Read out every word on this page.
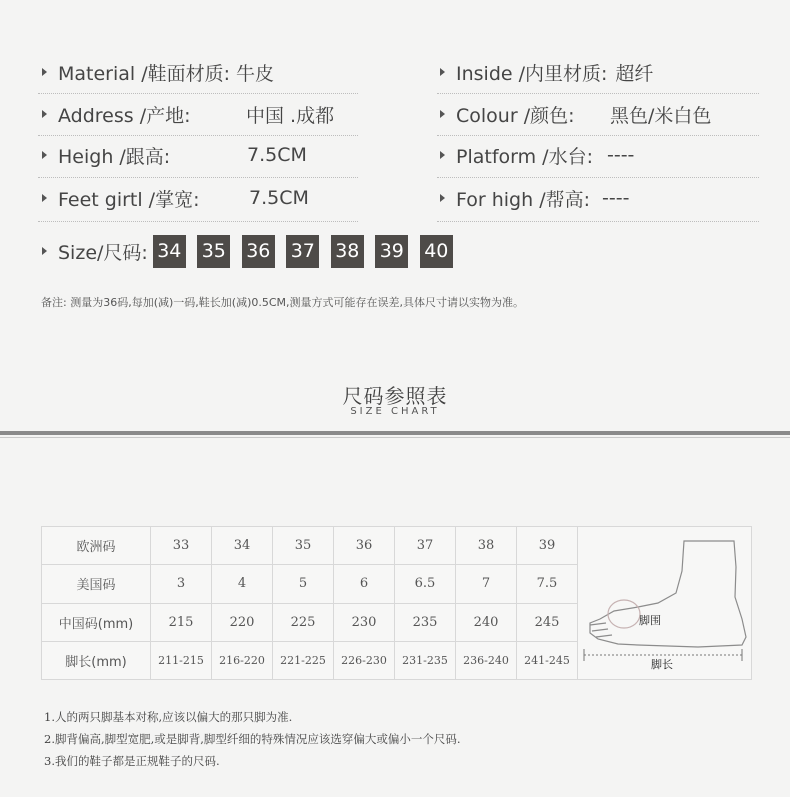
Material /鞋面材质: 牛皮
Address /产地:	中国 .成都
Heigh /跟高:	7.5CM
Feet girtl /掌宽:	7.5CM
Inside /内里材质: 超纤
Colour /颜色: 黑色/米白色
Platform /水台: ----
For high /帮高: ----
Size/尺码: 34 35 36 37 38 39 40
备注: 测量为36码,每加(减)一码,鞋长加(减)0.5CM,测量方式可能存在误差,具体尺寸请以实物为准。
尺码参照表
SIZE CHART
欧洲码	33	34	35	36	37	38	39	脚围
脚长

美国码	3	4	5	6	6.5	7	7.5	
中国码(mm)	215	220	225	230	235	240	245	
脚长(mm)	211-215	216-220	221-225	226-230	231-235	236-240	241-245	
1.人的两只脚基本对称,应该以偏大的那只脚为准.
2.脚背偏高,脚型宽肥,或是脚背,脚型纤细的特殊情况应该选穿偏大或偏小一个尺码.
3.我们的鞋子都是正规鞋子的尺码.
